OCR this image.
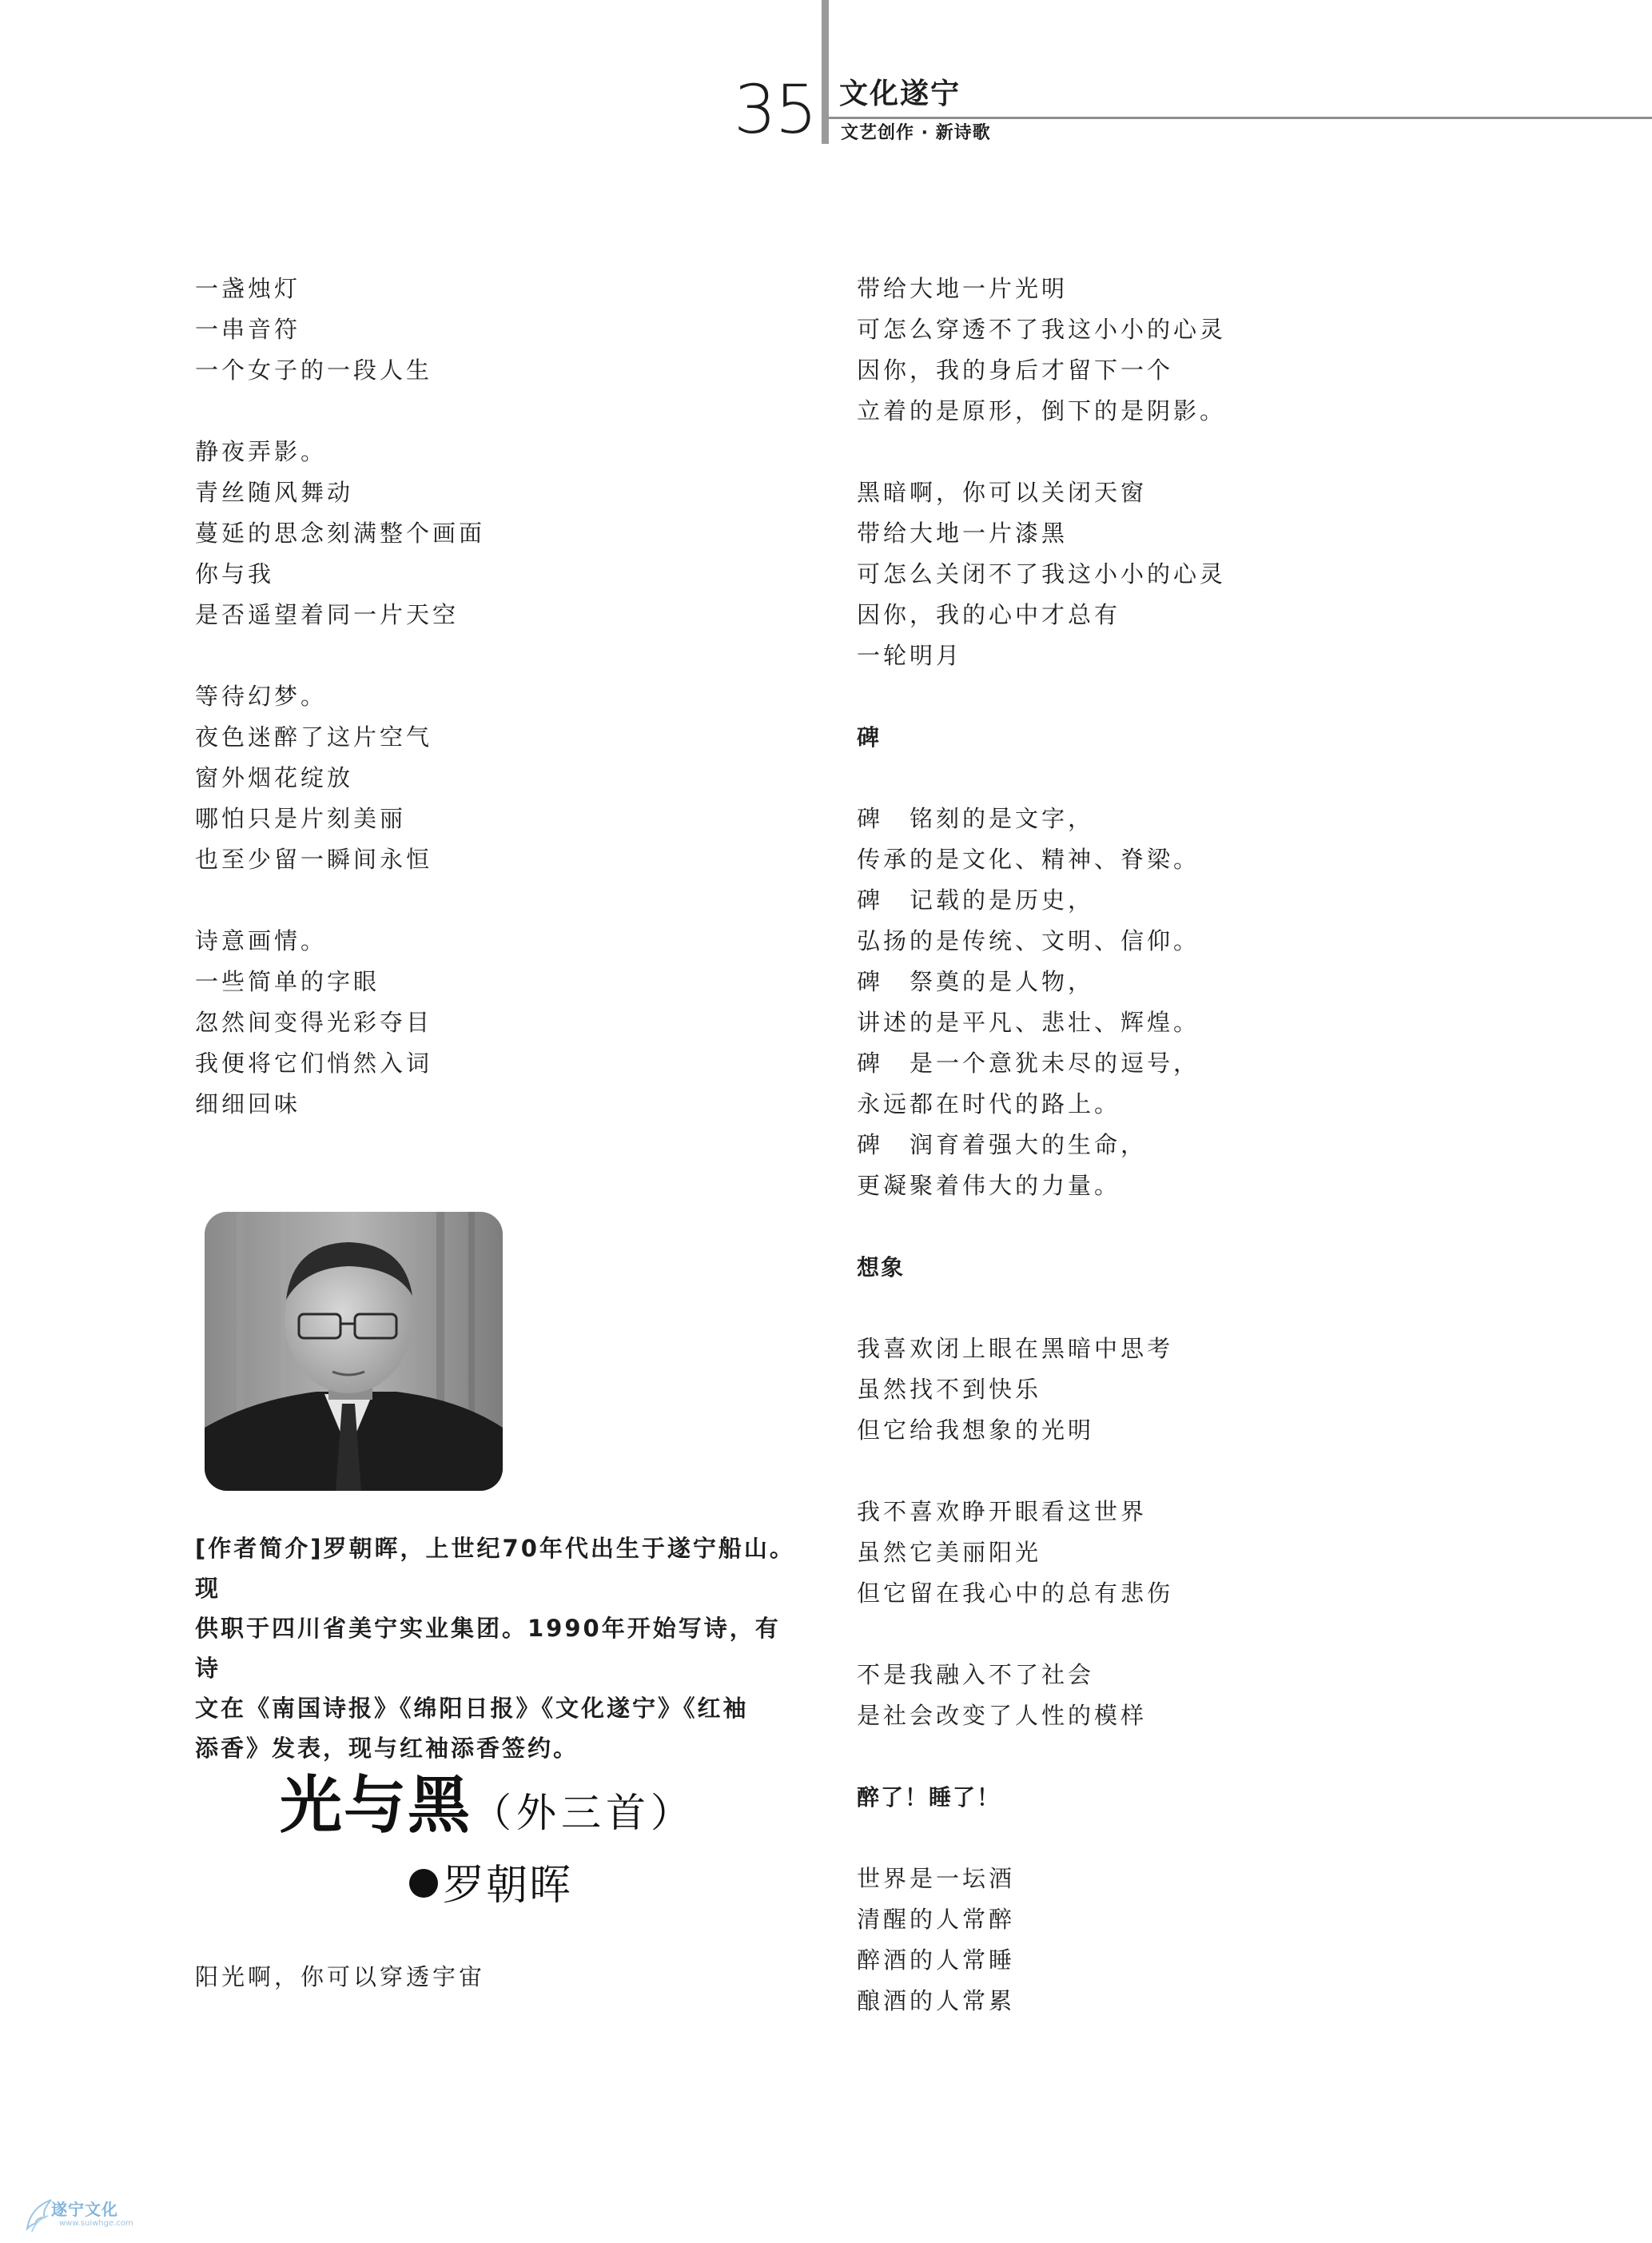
35 文化遂宁
文艺创作 · 新诗歌
一盏烛灯
一串音符
一个女子的一段人生
静夜弄影。
青丝随风舞动
蔓延的思念刻满整个画面
你与我
是否遥望着同一片天空
等待幻梦。
夜色迷醉了这片空气
窗外烟花绽放
哪怕只是片刻美丽
也至少留一瞬间永恒
诗意画情。
一些简单的字眼
忽然间变得光彩夺目
我便将它们悄然入词
细细回味
[作者简介]罗朝晖，上世纪70年代出生于遂宁船山。现
供职于四川省美宁实业集团。1990年开始写诗，有诗
文在《南国诗报》《绵阳日报》《文化遂宁》《红袖
添香》发表，现与红袖添香签约。
光与黑（外三首）
罗朝晖
阳光啊，你可以穿透宇宙
带给大地一片光明
可怎么穿透不了我这小小的心灵
因你，我的身后才留下一个
立着的是原形，倒下的是阴影。
黑暗啊，你可以关闭天窗
带给大地一片漆黑
可怎么关闭不了我这小小的心灵
因你，我的心中才总有
一轮明月
碑
碑　铭刻的是文字，
传承的是文化、精神、脊梁。
碑　记载的是历史，
弘扬的是传统、文明、信仰。
碑　祭奠的是人物，
讲述的是平凡、悲壮、辉煌。
碑　是一个意犹未尽的逗号，
永远都在时代的路上。
碑　润育着强大的生命，
更凝聚着伟大的力量。
想象
我喜欢闭上眼在黑暗中思考
虽然找不到快乐
但它给我想象的光明
我不喜欢睁开眼看这世界
虽然它美丽阳光
但它留在我心中的总有悲伤
不是我融入不了社会
是社会改变了人性的模样
醉了！睡了！
世界是一坛酒
清醒的人常醉
醉酒的人常睡
酿酒的人常累
遂宁文化
www.suiwhge.com
